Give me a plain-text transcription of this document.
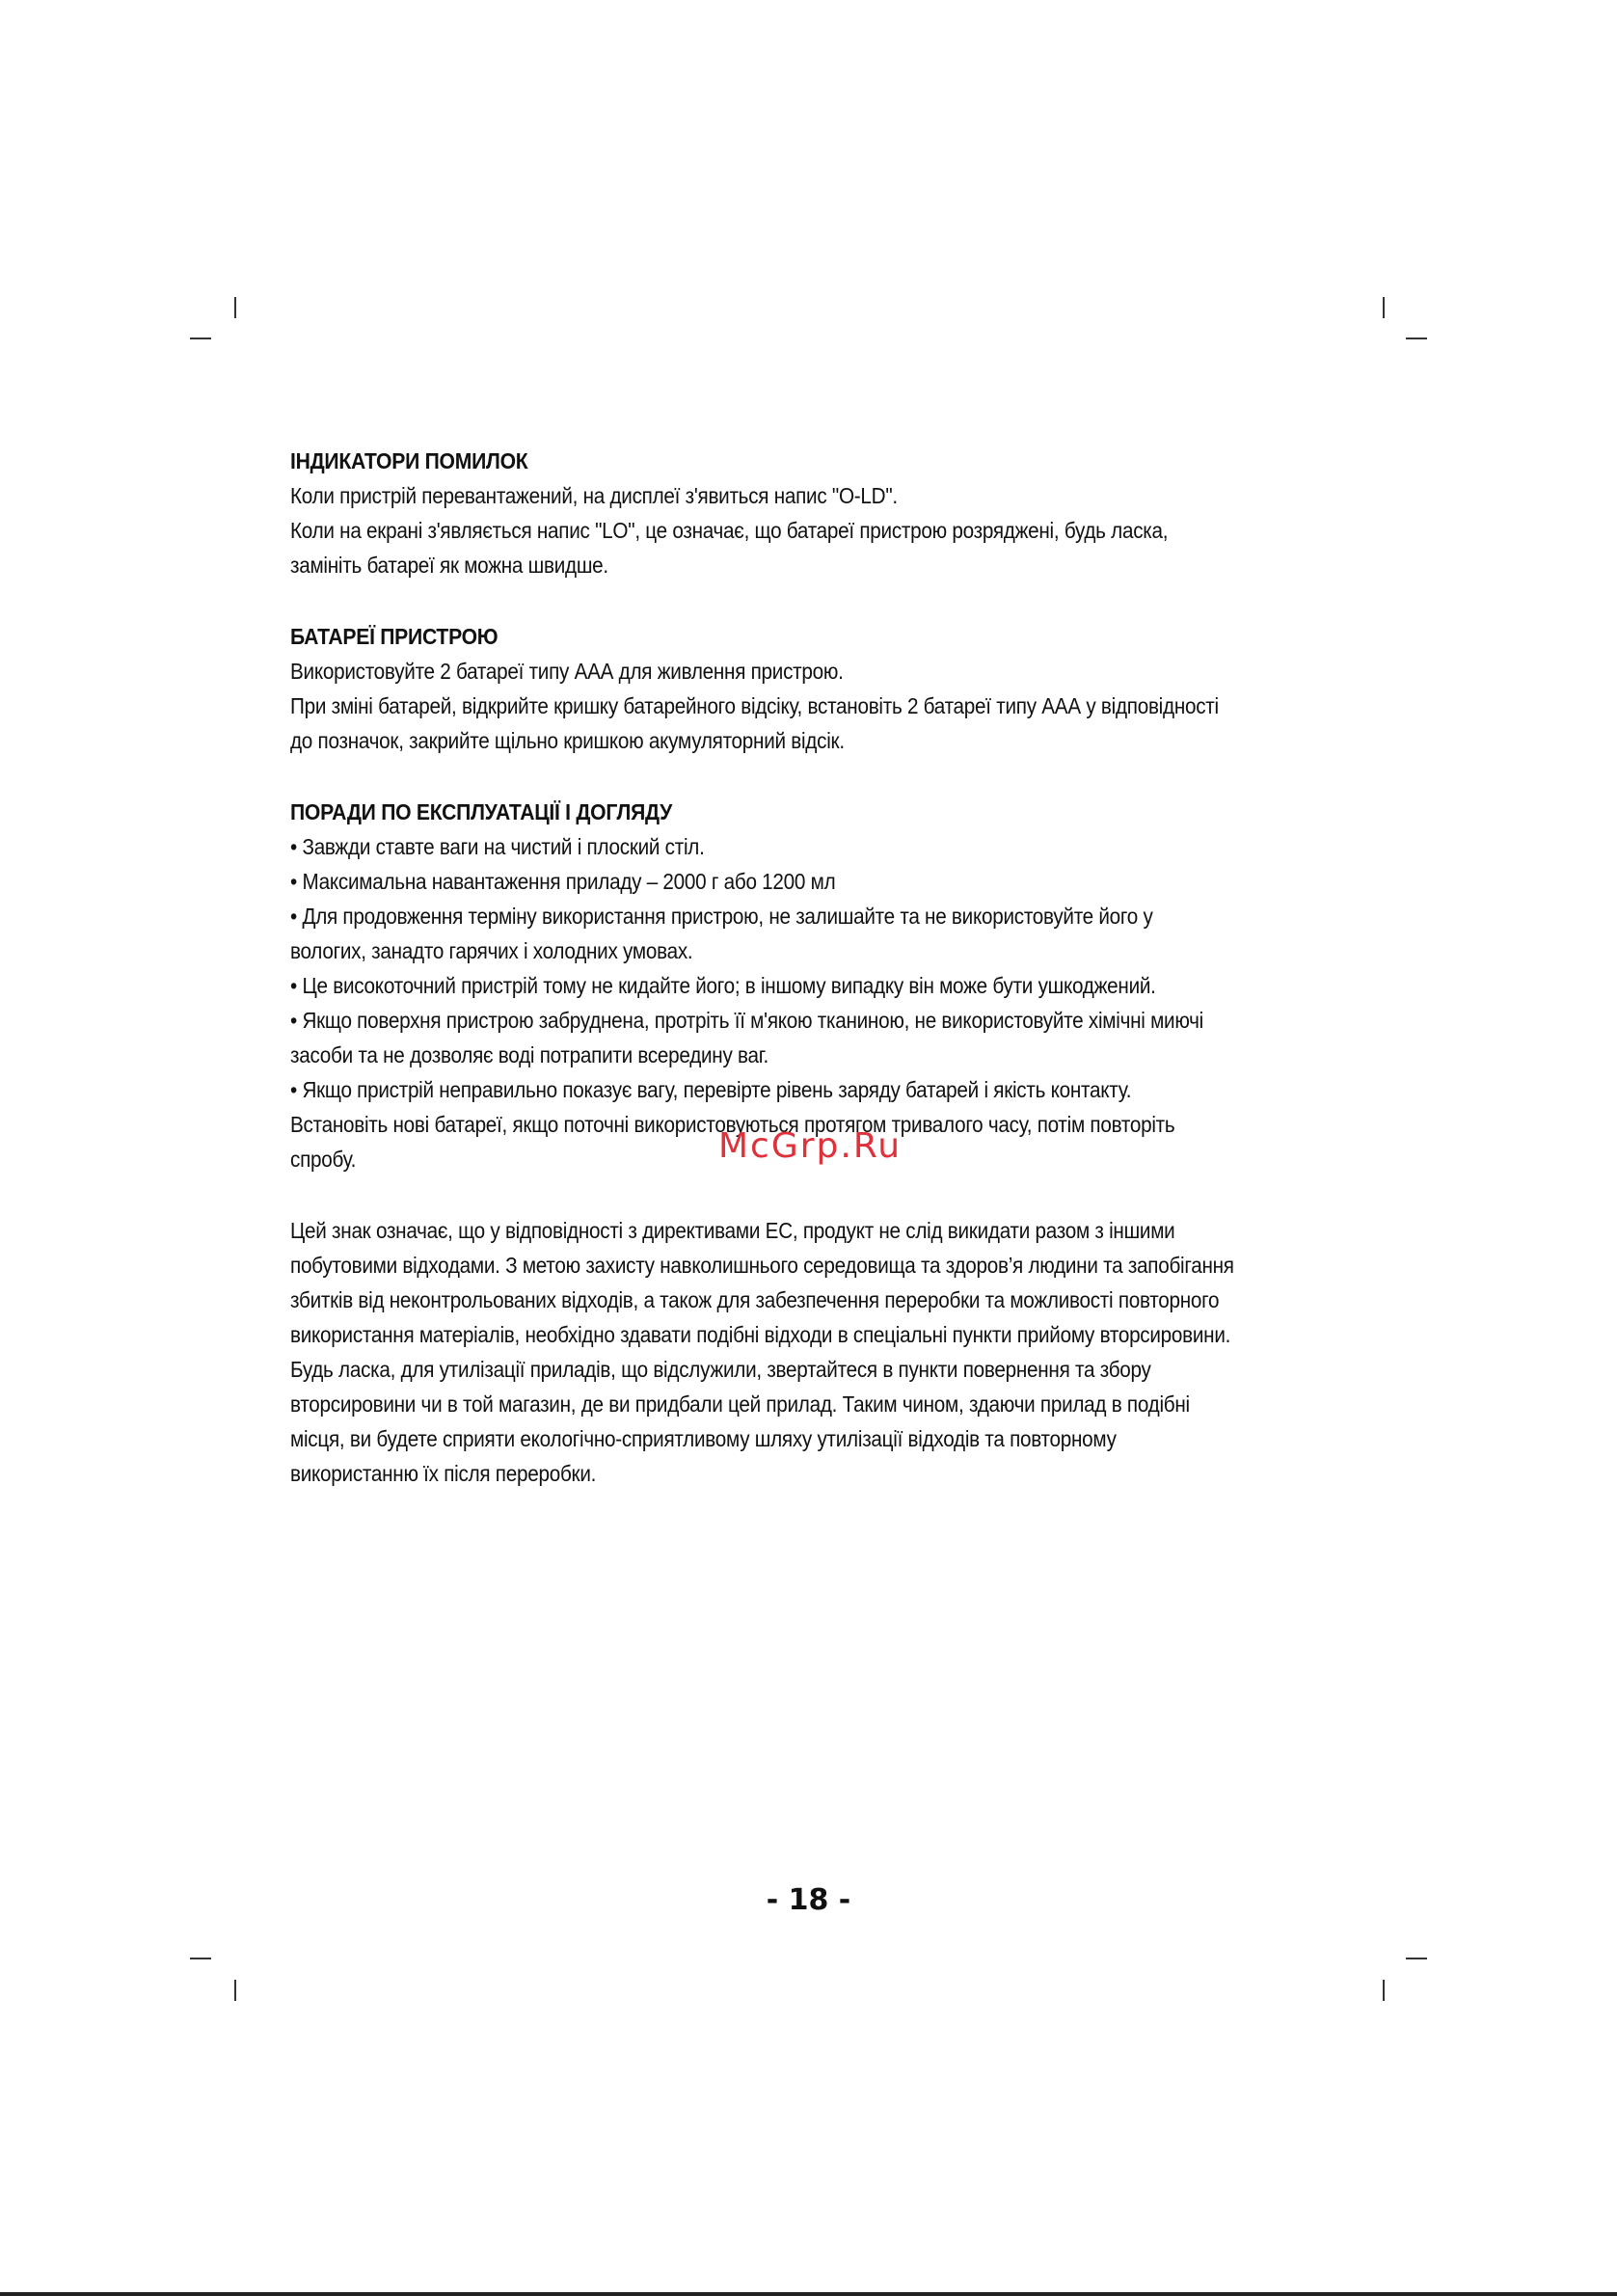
ІНДИКАТОРИ ПОМИЛОК
Коли пристрій перевантажений, на дисплеї з'явиться напис "O-LD".
Коли на екрані з'являється напис "LO", це означає, що батареї пристрою розряджені, будь ласка,
замініть батареї як можна швидше.
БАТАРЕЇ ПРИСТРОЮ
Використовуйте 2 батареї типу ААА для живлення пристрою.
При зміні батарей, відкрийте кришку батарейного відсіку, встановіть 2 батареї типу ААА у відповідності
до позначок, закрийте щільно кришкою акумуляторний відсік.
ПОРАДИ ПО ЕКСПЛУАТАЦІЇ І ДОГЛЯДУ
• Завжди ставте ваги на чистий і плоский стіл.
• Максимальна навантаження приладу – 2000 г або 1200 мл
• Для продовження терміну використання пристрою, не залишайте та не використовуйте його у
вологих, занадто гарячих і холодних умовах.
• Це високоточний пристрій тому не кидайте його; в іншому випадку він може бути ушкоджений.
• Якщо поверхня пристрою забруднена, протріть її м'якою тканиною, не використовуйте хімічні миючі
засоби та не дозволяє воді потрапити всередину ваг.
• Якщо пристрій неправильно показує вагу, перевірте рівень заряду батарей і якість контакту.
Встановіть нові батареї, якщо поточні використовуються протягом тривалого часу, потім повторіть
спробу.
Цей знак означає, що у відповідності з директивами ЕС, продукт не слід викидати разом з іншими
побутовими відходами. З метою захисту навколишнього середовища та здоров’я людини та запобігання
збитків від неконтрольованих відходів, а також для забезпечення переробки та можливості повторного
використання матеріалів, необхідно здавати подібні відходи в спеціальні пункти прийому вторсировини.
Будь ласка, для утилізації приладів, що відслужили, звертайтеся в пункти повернення та збору
вторсировини чи в той магазин, де ви придбали цей прилад. Таким чином, здаючи прилад в подібні
місця, ви будете сприяти екологічно-сприятливому шляху утилізації відходів та повторному
використанню їх після переробки.
McGrp.Ru
- 18 -
